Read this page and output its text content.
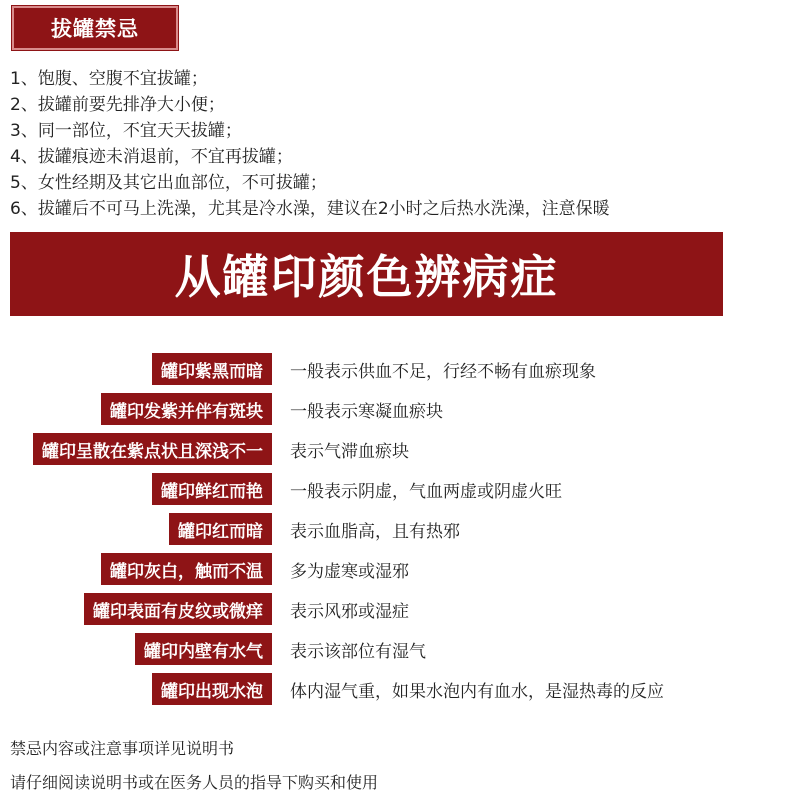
拔罐禁忌
1、饱腹、空腹不宜拔罐；
2、拔罐前要先排净大小便；
3、同一部位，不宜天天拔罐；
4、拔罐痕迹未消退前，不宜再拔罐；
5、女性经期及其它出血部位，不可拔罐；
6、拔罐后不可马上洗澡，尤其是冷水澡，建议在2小时之后热水洗澡，注意保暖
从罐印颜色辨病症
罐印紫黑而暗	一般表示供血不足，行经不畅有血瘀现象
罐印发紫并伴有斑块	一般表示寒凝血瘀块
罐印呈散在紫点状且深浅不一	表示气滞血瘀块
罐印鲜红而艳	一般表示阴虚，气血两虚或阴虚火旺
罐印红而暗	表示血脂高，且有热邪
罐印灰白，触而不温	多为虚寒或湿邪
罐印表面有皮纹或微痒	表示风邪或湿症
罐印内壁有水气	表示该部位有湿气
罐印出现水泡	体内湿气重，如果水泡内有血水，是湿热毒的反应
禁忌内容或注意事项详见说明书
请仔细阅读说明书或在医务人员的指导下购买和使用
